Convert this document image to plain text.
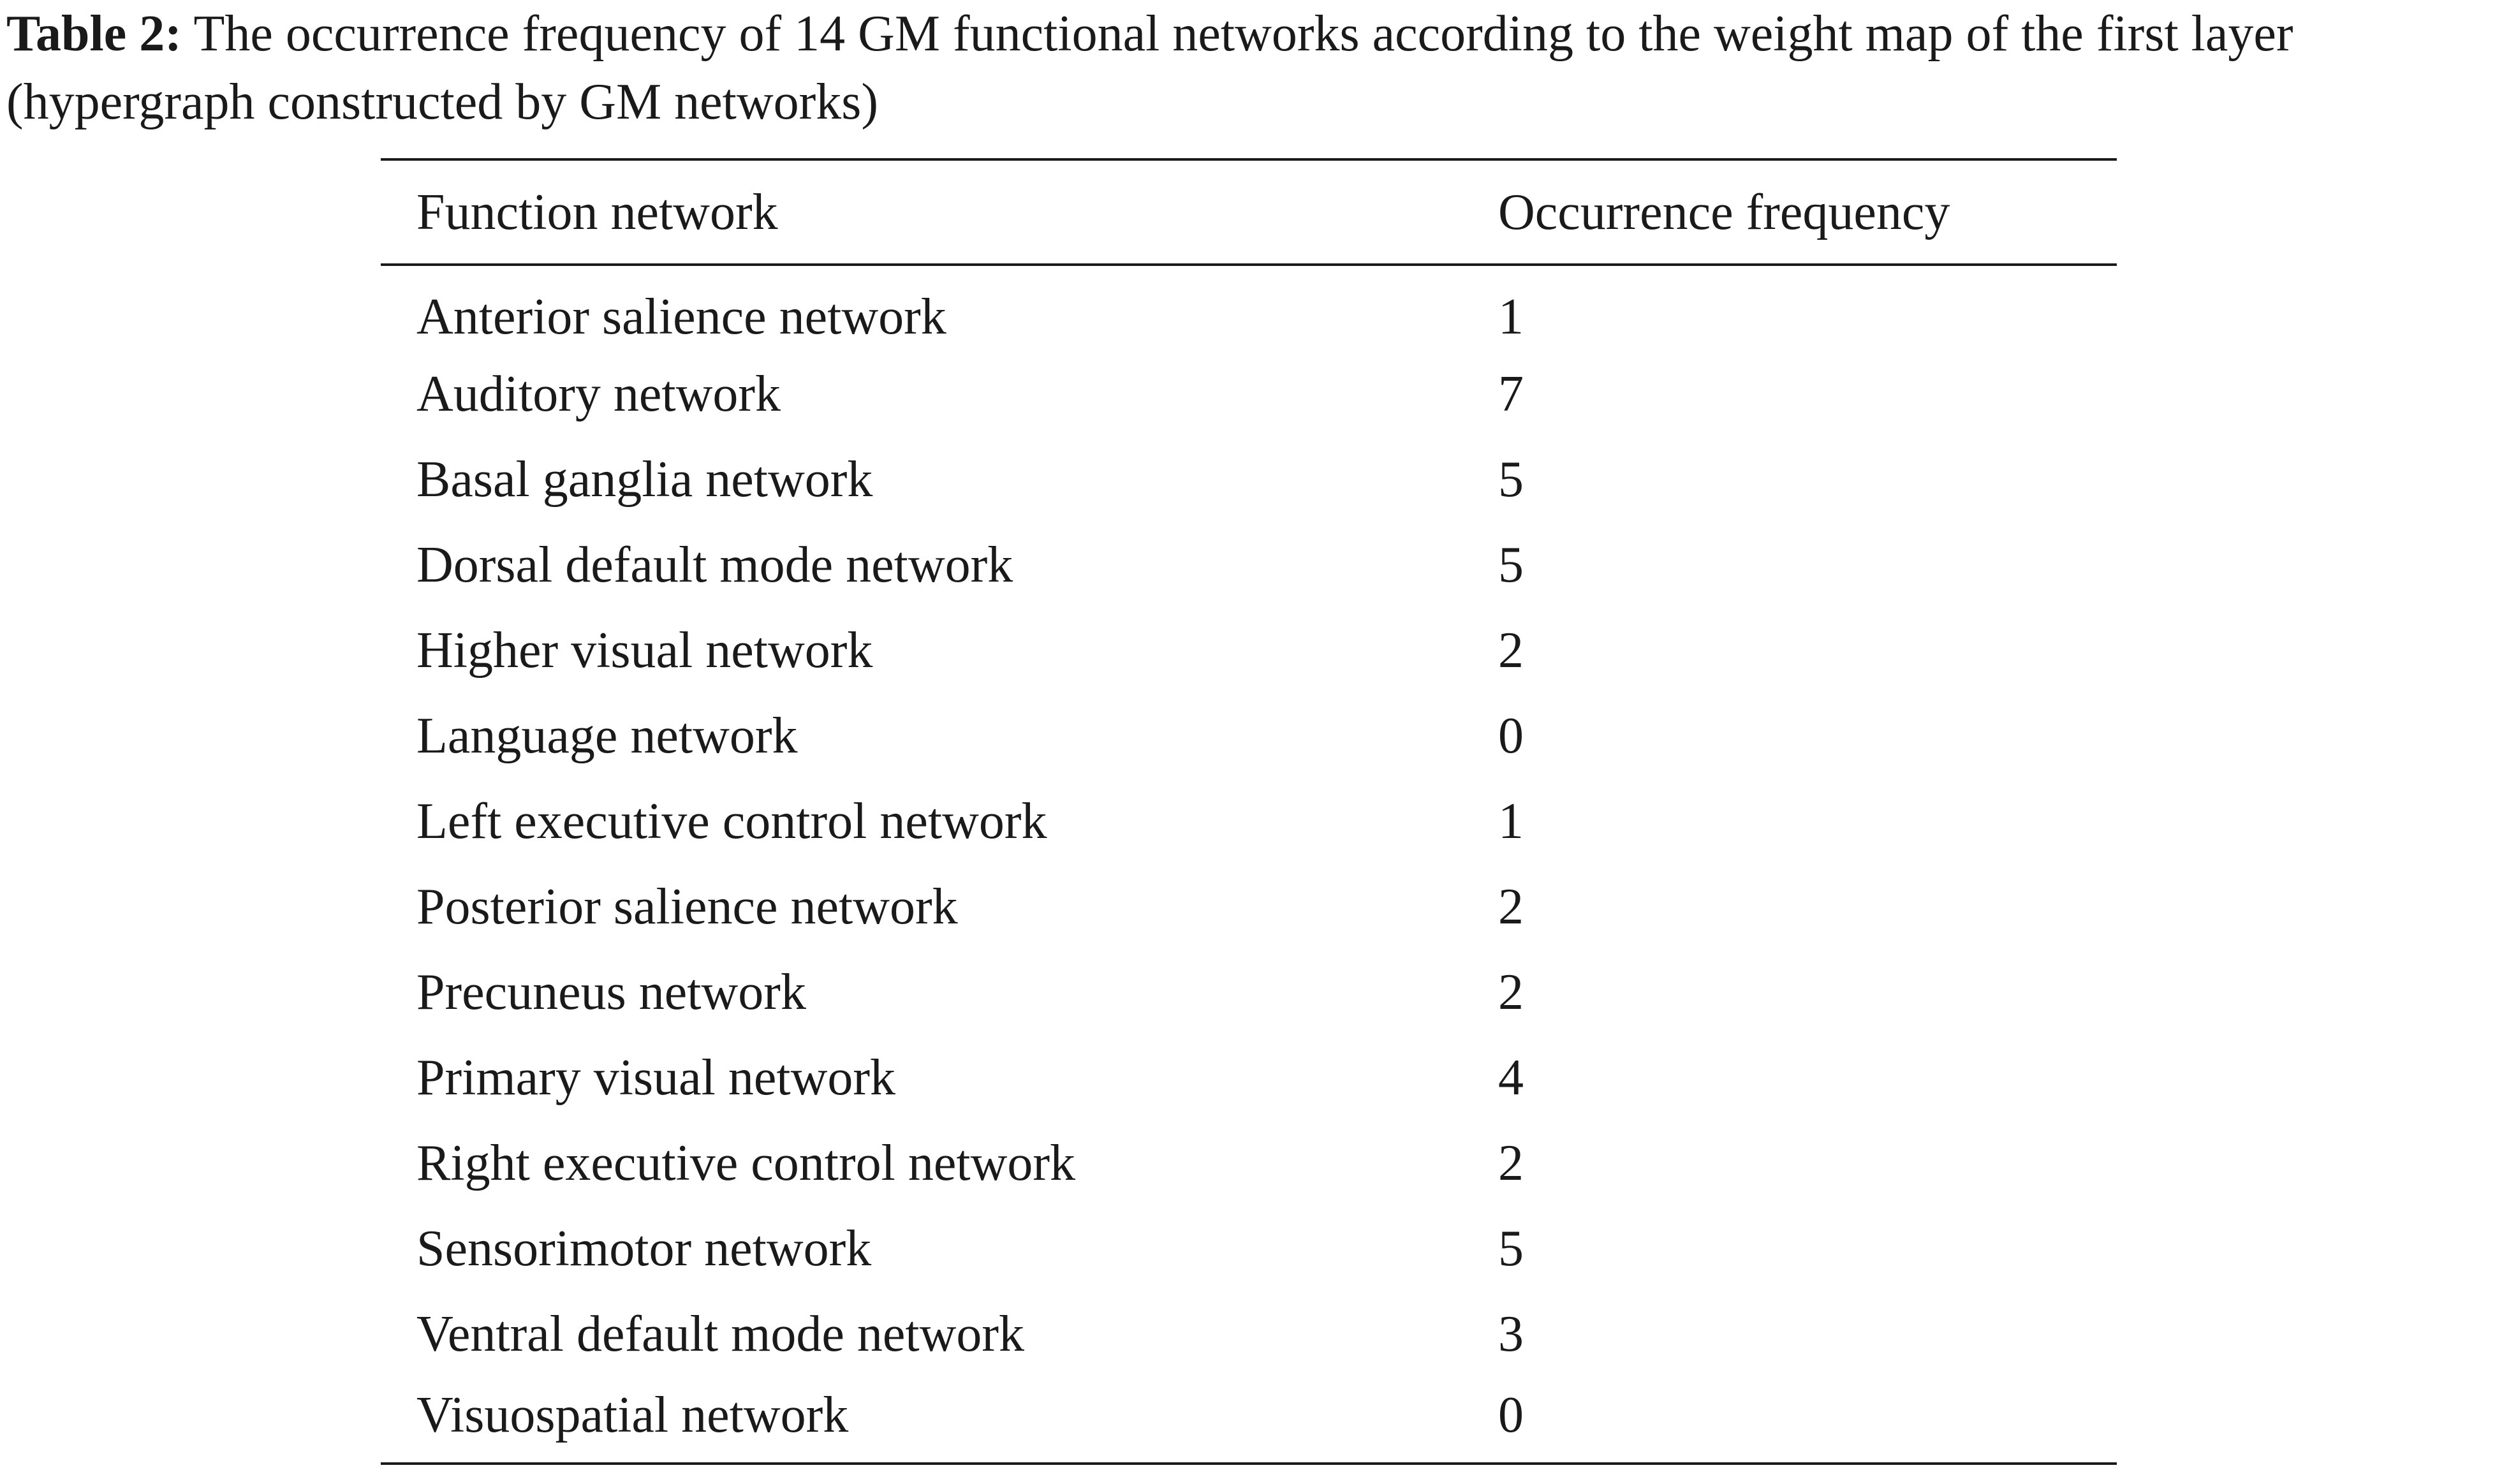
Table 2: The occurrence frequency of 14 GM functional networks according to the weight map of the first layer (hypergraph constructed by GM networks)

Function network	Occurrence frequency
Anterior salience network	1
Auditory network	7
Basal ganglia network	5
Dorsal default mode network	5
Higher visual network	2
Language network	0
Left executive control network	1
Posterior salience network	2
Precuneus network	2
Primary visual network	4
Right executive control network	2
Sensorimotor network	5
Ventral default mode network	3
Visuospatial network	0
